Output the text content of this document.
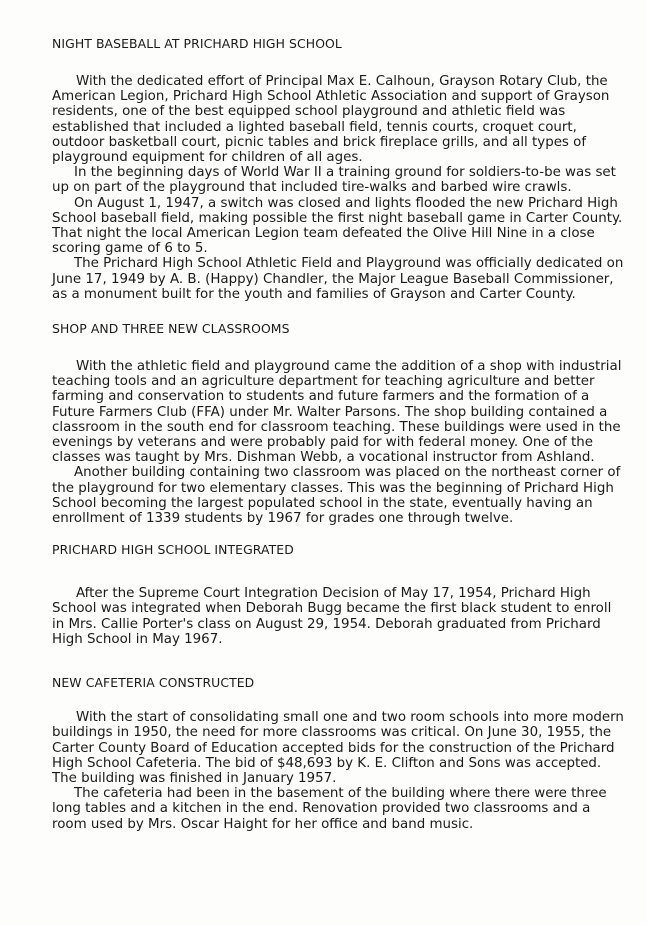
NIGHT BASEBALL AT PRICHARD HIGH SCHOOL

With the dedicated effort of Principal Max E. Calhoun, Grayson Rotary Club, the American Legion, Prichard High School Athletic Association and support of Grayson residents, one of the best equipped school playground and athletic field was established that included a lighted baseball field, tennis courts, croquet court, outdoor basketball court, picnic tables and brick fireplace grills, and all types of playground equipment for children of all ages.

In the beginning days of World War II a training ground for soldiers-to-be was set up on part of the playground that included tire-walks and barbed wire crawls.

On August 1, 1947, a switch was closed and lights flooded the new Prichard High School baseball field, making possible the first night baseball game in Carter County. That night the local American Legion team defeated the Olive Hill Nine in a close scoring game of 6 to 5.

The Prichard High School Athletic Field and Playground was officially dedicated on June 17, 1949 by A. B. (Happy) Chandler, the Major League Baseball Commissioner, as a monument built for the youth and families of Grayson and Carter County.

SHOP AND THREE NEW CLASSROOMS

With the athletic field and playground came the addition of a shop with industrial teaching tools and an agriculture department for teaching agriculture and better farming and conservation to students and future farmers and the formation of a Future Farmers Club (FFA) under Mr. Walter Parsons. The shop building contained a classroom in the south end for classroom teaching. These buildings were used in the evenings by veterans and were probably paid for with federal money. One of the classes was taught by Mrs. Dishman Webb, a vocational instructor from Ashland.

Another building containing two classroom was placed on the northeast corner of the playground for two elementary classes. This was the beginning of Prichard High School becoming the largest populated school in the state, eventually having an enrollment of 1339 students by 1967 for grades one through twelve.

PRICHARD HIGH SCHOOL INTEGRATED

After the Supreme Court Integration Decision of May 17, 1954, Prichard High School was integrated when Deborah Bugg became the first black student to enroll in Mrs. Callie Porter's class on August 29, 1954. Deborah graduated from Prichard High School in May 1967.

NEW CAFETERIA CONSTRUCTED

With the start of consolidating small one and two room schools into more modern buildings in 1950, the need for more classrooms was critical. On June 30, 1955, the Carter County Board of Education accepted bids for the construction of the Prichard High School Cafeteria. The bid of $48,693 by K. E. Clifton and Sons was accepted. The building was finished in January 1957.

The cafeteria had been in the basement of the building where there were three long tables and a kitchen in the end. Renovation provided two classrooms and a room used by Mrs. Oscar Haight for her office and band music.
